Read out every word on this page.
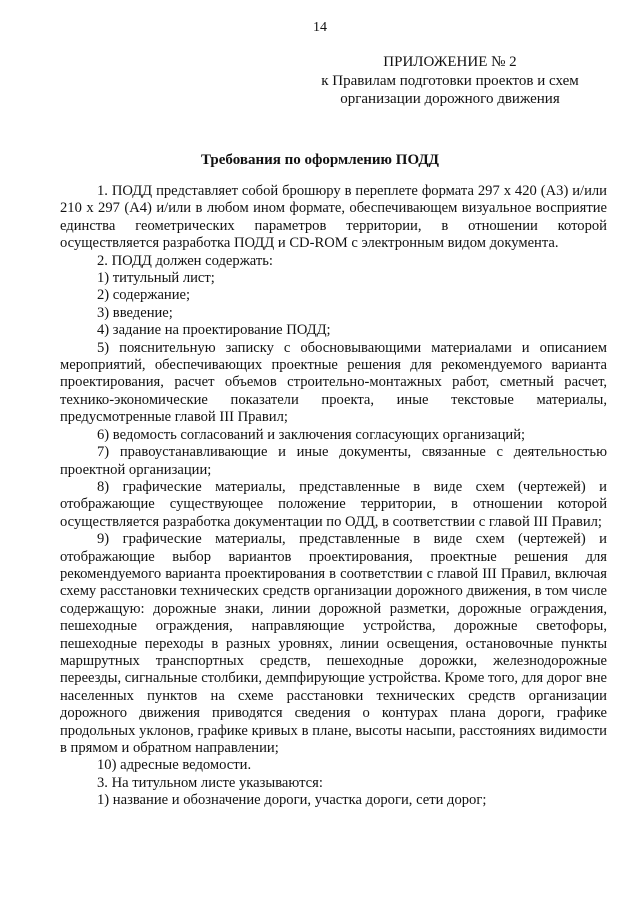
14
ПРИЛОЖЕНИЕ № 2
к Правилам подготовки проектов и схем
организации дорожного движения
Требования по оформлению ПОДД

1. ПОДД представляет собой брошюру в переплете формата 297 х 420 (А3) и/или 210 х 297 (А4) и/или в любом ином формате, обеспечивающем визуальное восприятие единства геометрических параметров территории, в отношении которой осуществляется разработка ПОДД и CD-ROM с электронным видом документа.

2. ПОДД должен содержать:

1) титульный лист;

2) содержание;

3) введение;

4) задание на проектирование ПОДД;

5) пояснительную записку с обосновывающими материалами и описанием мероприятий, обеспечивающих проектные решения для рекомендуемого варианта проектирования, расчет объемов строительно-монтажных работ, сметный расчет, технико-экономические показатели проекта, иные текстовые материалы, предусмотренные главой III Правил;

6) ведомость согласований и заключения согласующих организаций;

7) правоустанавливающие и иные документы, связанные с деятельностью проектной организации;

8) графические материалы, представленные в виде схем (чертежей) и отображающие существующее положение территории, в отношении которой осуществляется разработка документации по ОДД, в соответствии с главой III Правил;

9) графические материалы, представленные в виде схем (чертежей) и отображающие выбор вариантов проектирования, проектные решения для рекомендуемого варианта проектирования в соответствии с главой III Правил, включая схему расстановки технических средств организации дорожного движения, в том числе содержащую: дорожные знаки, линии дорожной разметки, дорожные ограждения, пешеходные ограждения, направляющие устройства, дорожные светофоры, пешеходные переходы в разных уровнях, линии освещения, остановочные пункты маршрутных транспортных средств, пешеходные дорожки, железнодорожные переезды, сигнальные столбики, демпфирующие устройства. Кроме того, для дорог вне населенных пунктов на схеме расстановки технических средств организации дорожного движения приводятся сведения о контурах плана дороги, графике продольных уклонов, графике кривых в плане, высоты насыпи, расстояниях видимости в прямом и обратном направлении;

10) адресные ведомости.

3. На титульном листе указываются:

1) название и обозначение дороги, участка дороги, сети дорог;
